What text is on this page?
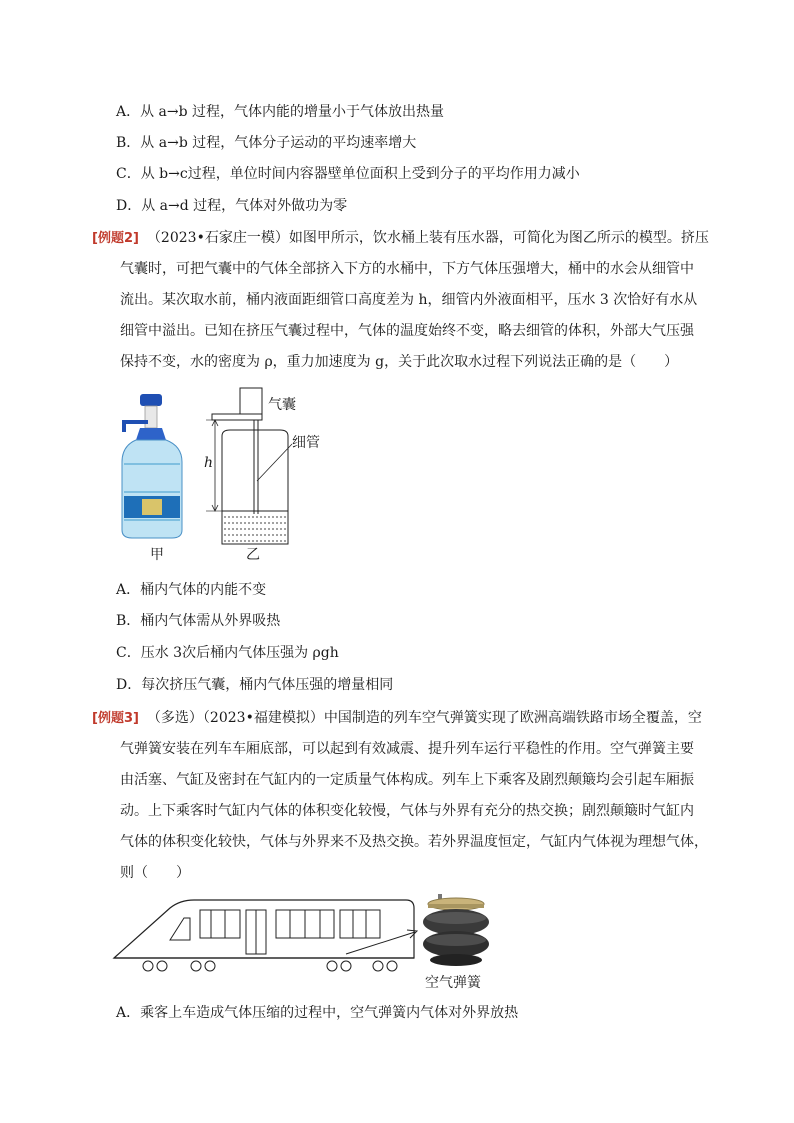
A．从 a→b 过程，气体内能的增量小于气体放出热量
B．从 a→b 过程，气体分子运动的平均速率增大
C．从 b→c过程，单位时间内容器壁单位面积上受到分子的平均作用力减小
D．从 a→d 过程，气体对外做功为零
[例题2] （2023•石家庄一模）如图甲所示，饮水桶上装有压水器，可简化为图乙所示的模型。挤压
气囊时，可把气囊中的气体全部挤入下方的水桶中，下方气体压强增大，桶中的水会从细管中
流出。某次取水前，桶内液面距细管口高度差为 h，细管内外液面相平，压水 3 次恰好有水从
细管中溢出。已知在挤压气囊过程中，气体的温度始终不变，略去细管的体积，外部大气压强
保持不变，水的密度为 ρ，重力加速度为 g，关于此次取水过程下列说法正确的是（　　）
甲
h
气囊
细管
乙
A．桶内气体的内能不变
B．桶内气体需从外界吸热
C．压水 3次后桶内气体压强为 ρgh
D．每次挤压气囊，桶内气体压强的增量相同
[例题3] （多选）（2023•福建模拟）中国制造的列车空气弹簧实现了欧洲高端铁路市场全覆盖，空
气弹簧安装在列车车厢底部，可以起到有效减震、提升列车运行平稳性的作用。空气弹簧主要
由活塞、气缸及密封在气缸内的一定质量气体构成。列车上下乘客及剧烈颠簸均会引起车厢振
动。上下乘客时气缸内气体的体积变化较慢，气体与外界有充分的热交换；剧烈颠簸时气缸内
气体的体积变化较快，气体与外界来不及热交换。若外界温度恒定，气缸内气体视为理想气体，
则（　　）
空气弹簧
A．乘客上车造成气体压缩的过程中，空气弹簧内气体对外界放热
